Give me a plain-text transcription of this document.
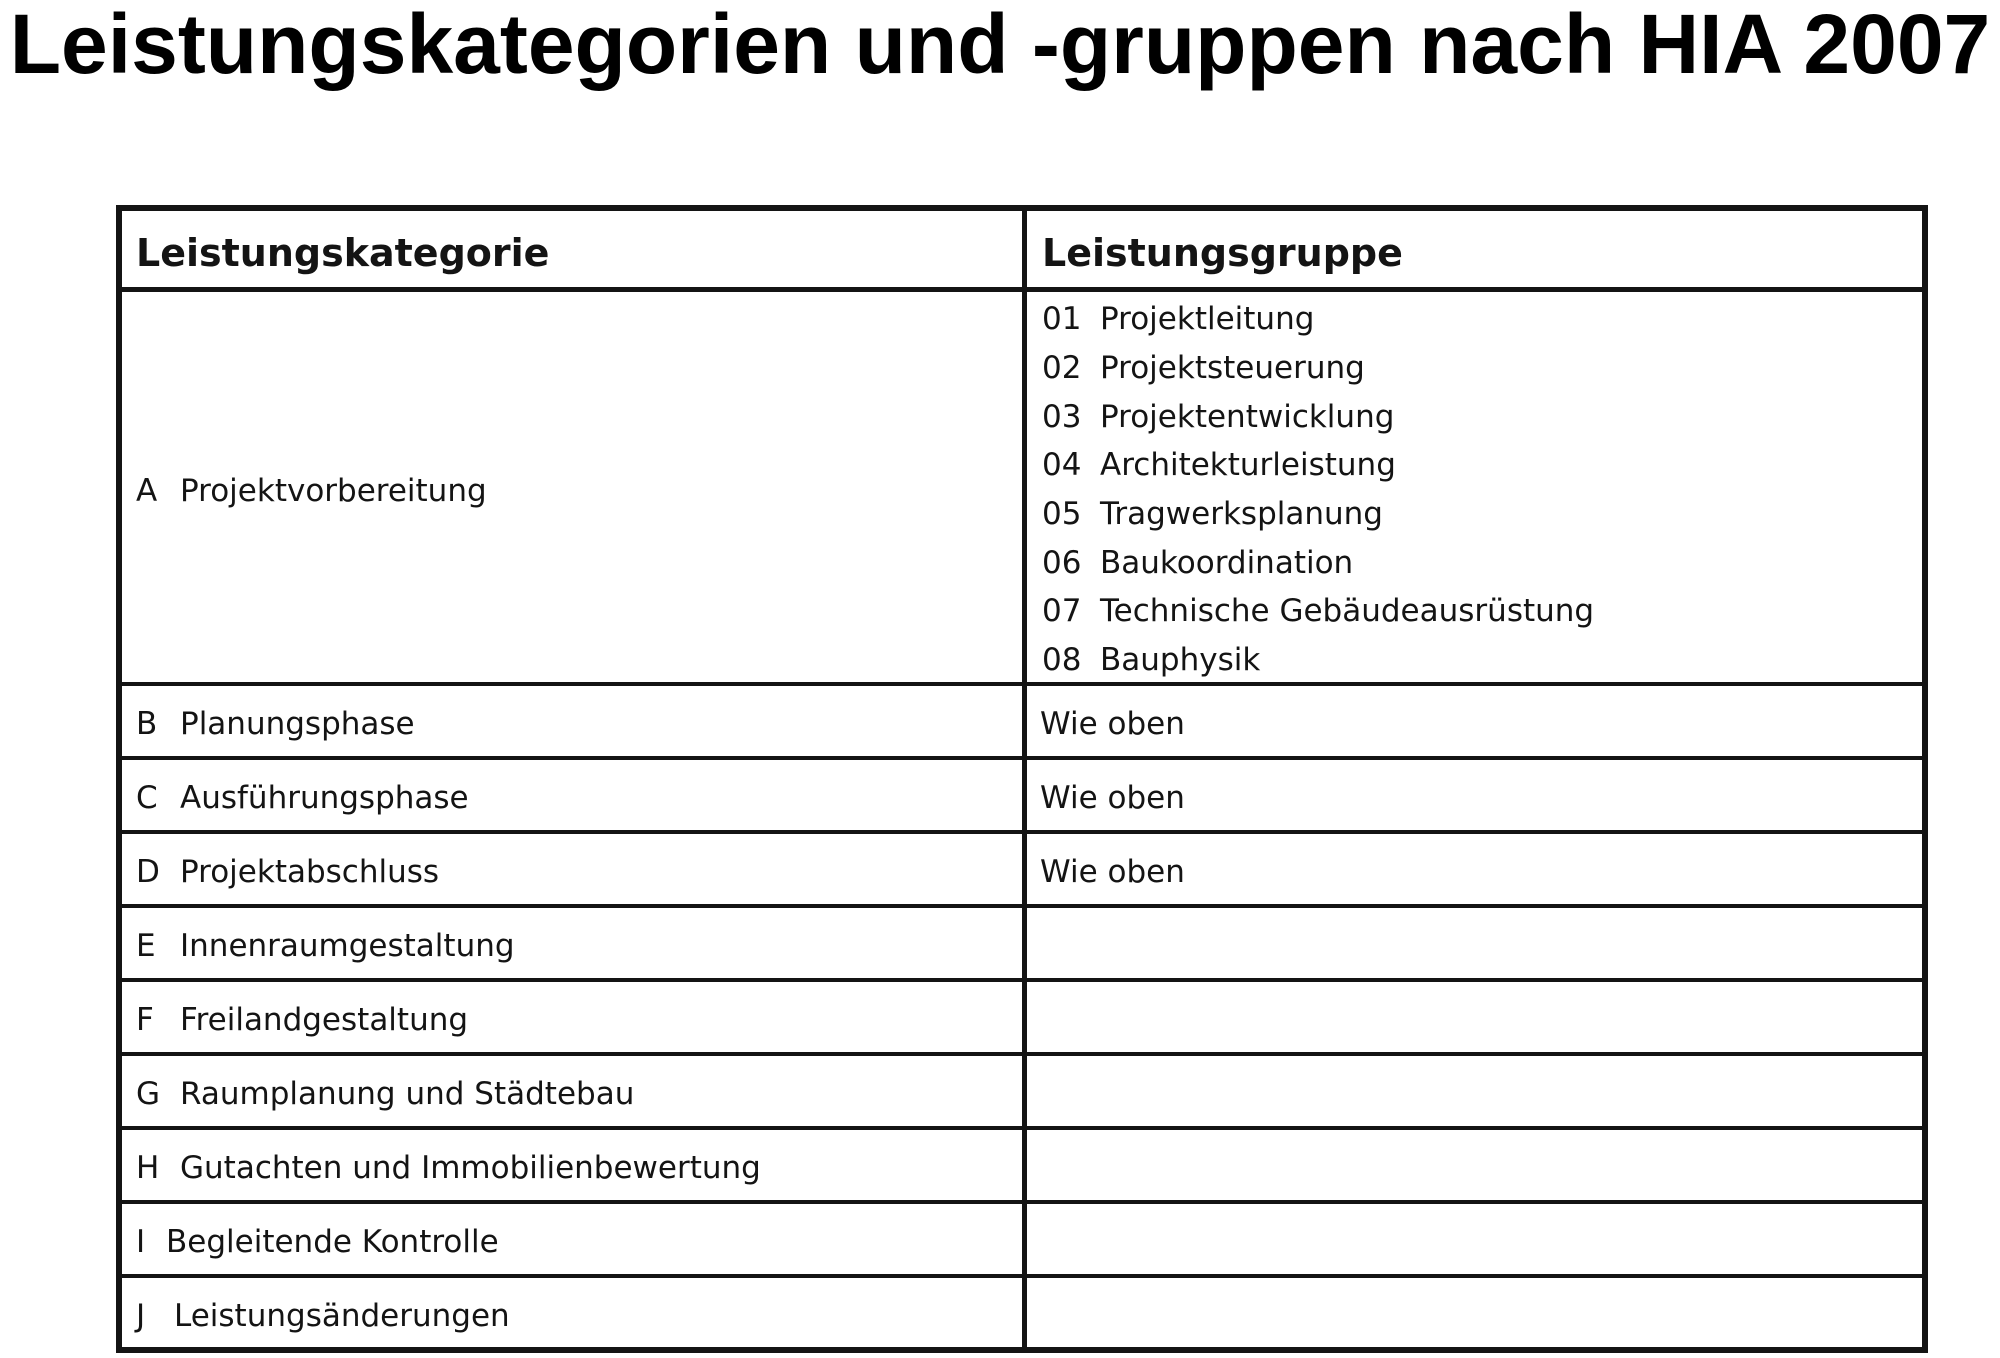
Leistungskategorien und -gruppen nach HIA 2007
Leistungskategorie	Leistungsgruppe
A Projektvorbereitung
01 Projektleitung
02 Projektsteuerung
03 Projektentwicklung
04 Architekturleistung
05 Tragwerksplanung
06 Baukoordination
07 Technische Gebäudeausrüstung
08 Bauphysik
B Planungsphase	Wie oben
C Ausführungsphase	Wie oben
D Projektabschluss	Wie oben
E Innenraumgestaltung
F Freilandgestaltung
G Raumplanung und Städtebau
H Gutachten und Immobilienbewertung
I Begleitende Kontrolle
J Leistungsänderungen
